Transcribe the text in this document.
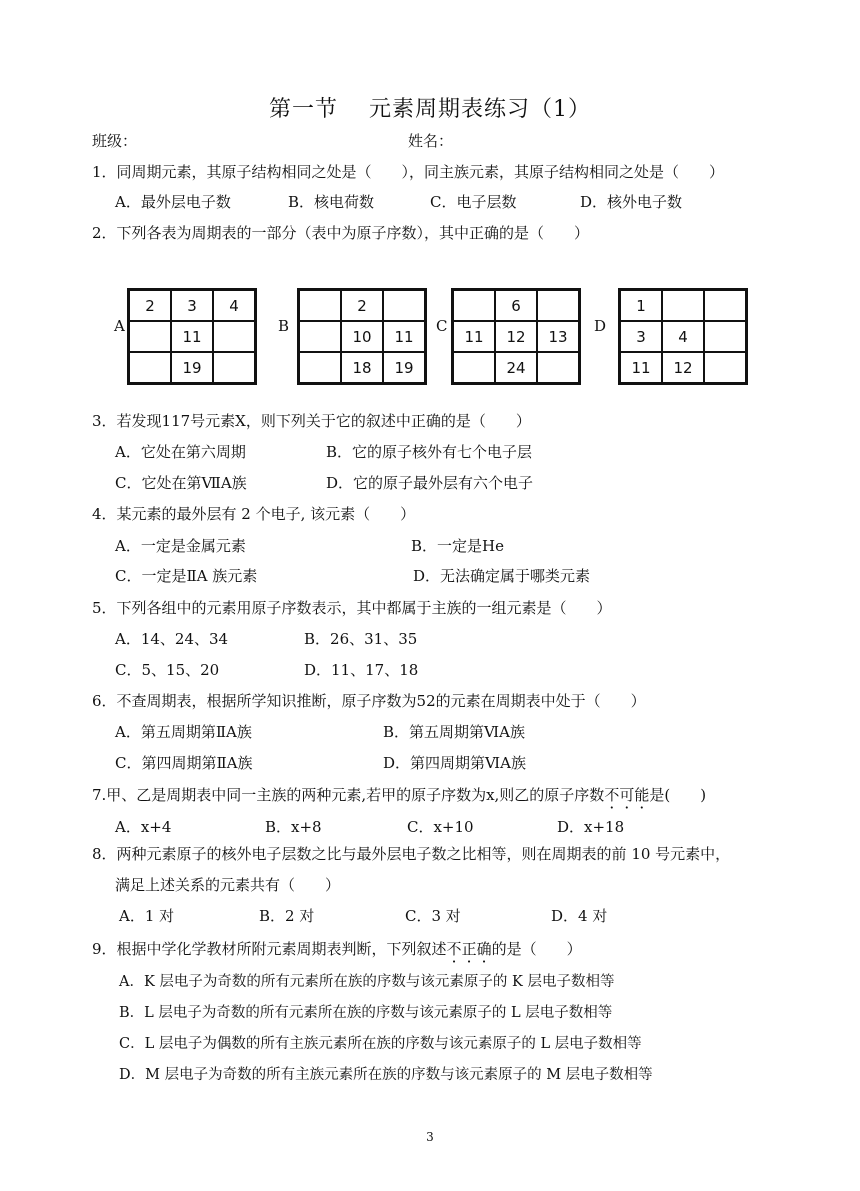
第一节　 元素周期表练习（1）
班级：	姓名：
1．同周期元素，其原子结构相同之处是（　　），同主族元素，其原子结构相同之处是（　　）
A．最外层电子数	B．核电荷数	C．电子层数	D．核外电子数
2．下列各表为周期表的一部分（表中为原子序数），其中正确的是（　　）
A
2	3	4
	11	
	19	
B
	2	
	10	11
	18	19
C
	6	
11	12	13
	24	
D
1		
3	4	
11	12	
3．若发现117号元素X，则下列关于它的叙述中正确的是（　　）
A．它处在第六周期	B．它的原子核外有七个电子层
C．它处在第ⅦA族	D．它的原子最外层有六个电子
4．某元素的最外层有 2 个电子, 该元素（　　）
A．一定是金属元素	B．一定是He
C．一定是ⅡA 族元素	D．无法确定属于哪类元素
5．下列各组中的元素用原子序数表示，其中都属于主族的一组元素是（　　）
A．14、24、34	B．26、31、35
C．5、15、20	D．11、17、18
6．不查周期表，根据所学知识推断，原子序数为52的元素在周期表中处于（　　）
A．第五周期第ⅡA族	B．第五周期第ⅥA族
C．第四周期第ⅡA族	D．第四周期第ⅥA族
7.甲、乙是周期表中同一主族的两种元素,若甲的原子序数为x,则乙的原子序数不可能是(　　)
A．x+4	B．x+8	C．x+10	D．x+18
8．两种元素原子的核外电子层数之比与最外层电子数之比相等，则在周期表的前 10 号元素中，
满足上述关系的元素共有（　　）
A．1 对	B．2 对	C．3 对	D．4 对
9．根据中学化学教材所附元素周期表判断，下列叙述不正确的是（　　）
A．K 层电子为奇数的所有元素所在族的序数与该元素原子的 K 层电子数相等
B．L 层电子为奇数的所有元素所在族的序数与该元素原子的 L 层电子数相等
C．L 层电子为偶数的所有主族元素所在族的序数与该元素原子的 L 层电子数相等
D．M 层电子为奇数的所有主族元素所在族的序数与该元素原子的 M 层电子数相等
3
